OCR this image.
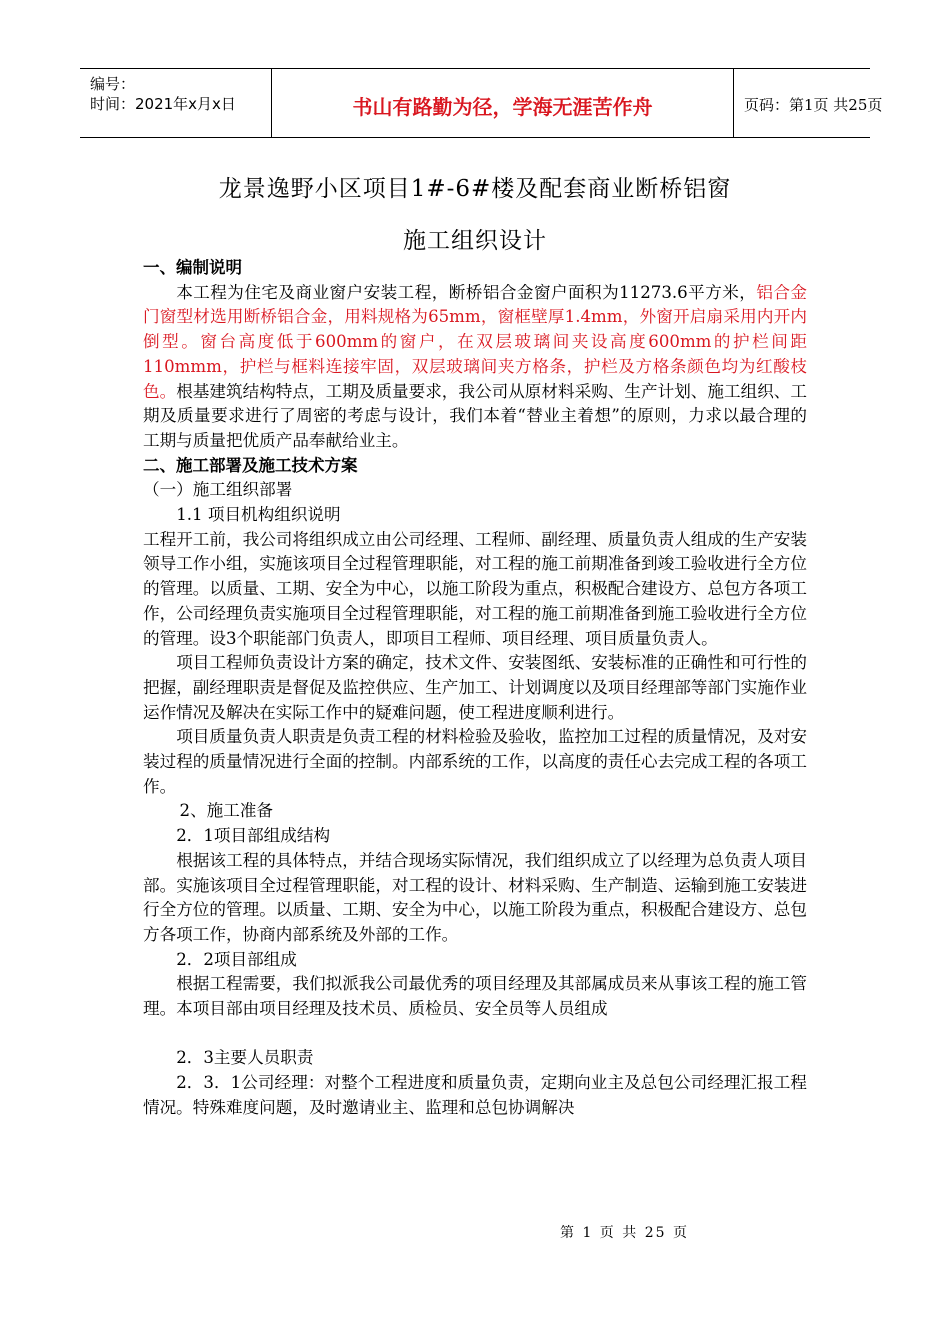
编号：
时间：2021年x月x日	书山有路勤为径，学海无涯苦作舟	页码：第1页 共25页
龙景逸野小区项目1#-6#楼及配套商业断桥铝窗
施工组织设计

一、编制说明

本工程为住宅及商业窗户安装工程，断桥铝合金窗户面积为11273.6平方米，铝合金门窗型材选用断桥铝合金，用料规格为65mm，窗框壁厚1.4mm，外窗开启扇采用内开内倒型。窗台高度低于600mm的窗户，在双层玻璃间夹设高度600mm的护栏间距110mmm，护栏与框料连接牢固，双层玻璃间夹方格条，护栏及方格条颜色均为红酸枝色。根基建筑结构特点，工期及质量要求，我公司从原材料采购、生产计划、施工组织、工期及质量要求进行了周密的考虑与设计，我们本着“替业主着想”的原则，力求以最合理的工期与质量把优质产品奉献给业主。

二、施工部署及施工技术方案

（一）施工组织部署

1.1 项目机构组织说明

工程开工前，我公司将组织成立由公司经理、工程师、副经理、质量负责人组成的生产安装领导工作小组，实施该项目全过程管理职能，对工程的施工前期准备到竣工验收进行全方位的管理。以质量、工期、安全为中心，以施工阶段为重点，积极配合建设方、总包方各项工作，公司经理负责实施项目全过程管理职能，对工程的施工前期准备到施工验收进行全方位的管理。设3个职能部门负责人，即项目工程师、项目经理、项目质量负责人。

项目工程师负责设计方案的确定，技术文件、安装图纸、安装标准的正确性和可行性的把握，副经理职责是督促及监控供应、生产加工、计划调度以及项目经理部等部门实施作业运作情况及解决在实际工作中的疑难问题，使工程进度顺利进行。

项目质量负责人职责是负责工程的材料检验及验收，监控加工过程的质量情况，及对安装过程的质量情况进行全面的控制。内部系统的工作，以高度的责任心去完成工程的各项工作。

2、施工准备

2．1项目部组成结构

根据该工程的具体特点，并结合现场实际情况，我们组织成立了以经理为总负责人项目部。实施该项目全过程管理职能，对工程的设计、材料采购、生产制造、运输到施工安装进行全方位的管理。以质量、工期、安全为中心，以施工阶段为重点，积极配合建设方、总包方各项工作，协商内部系统及外部的工作。

2．2项目部组成

根据工程需要，我们拟派我公司最优秀的项目经理及其部属成员来从事该工程的施工管理。本项目部由项目经理及技术员、质检员、安全员等人员组成

2．3主要人员职责

2．3．1公司经理：对整个工程进度和质量负责，定期向业主及总包公司经理汇报工程情况。特殊难度问题，及时邀请业主、监理和总包协调解决

第 1 页 共 25 页
